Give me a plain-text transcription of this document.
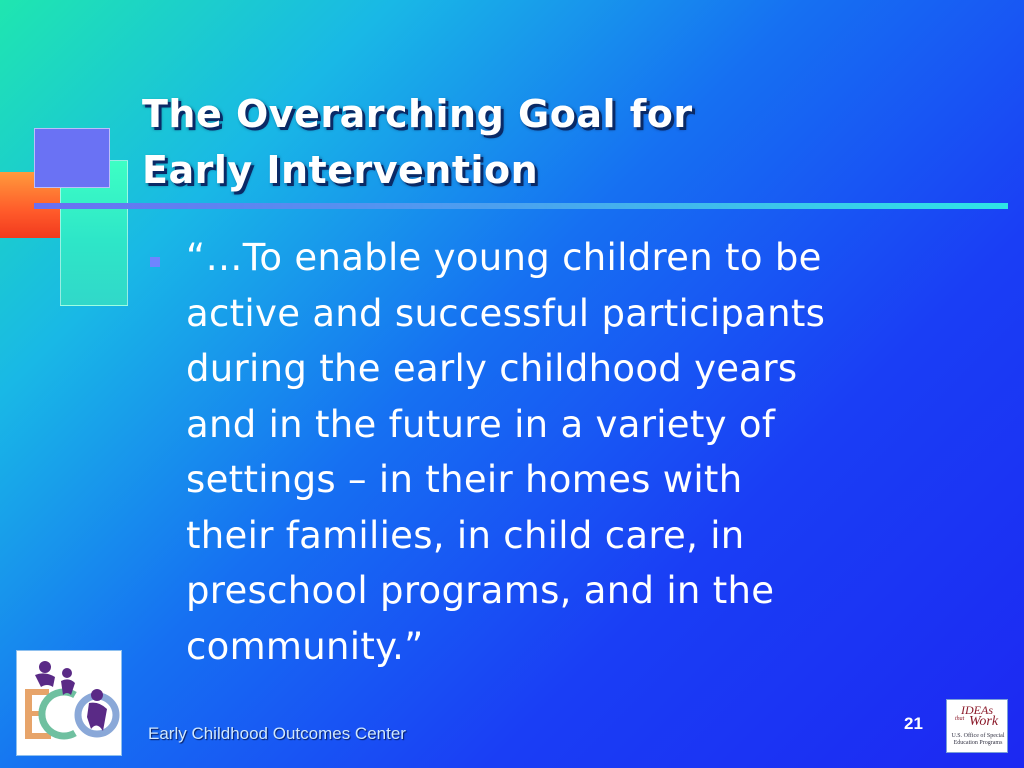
The Overarching Goal for
Early Intervention

“…To enable young children to be
active and successful participants
during the early childhood years
and in the future in a variety of
settings – in their homes with
their families, in child care, in
preschool programs, and in the
community.”

Early Childhood Outcomes Center
21
IDEAs
that Work
U.S. Office of Special Education Programs
